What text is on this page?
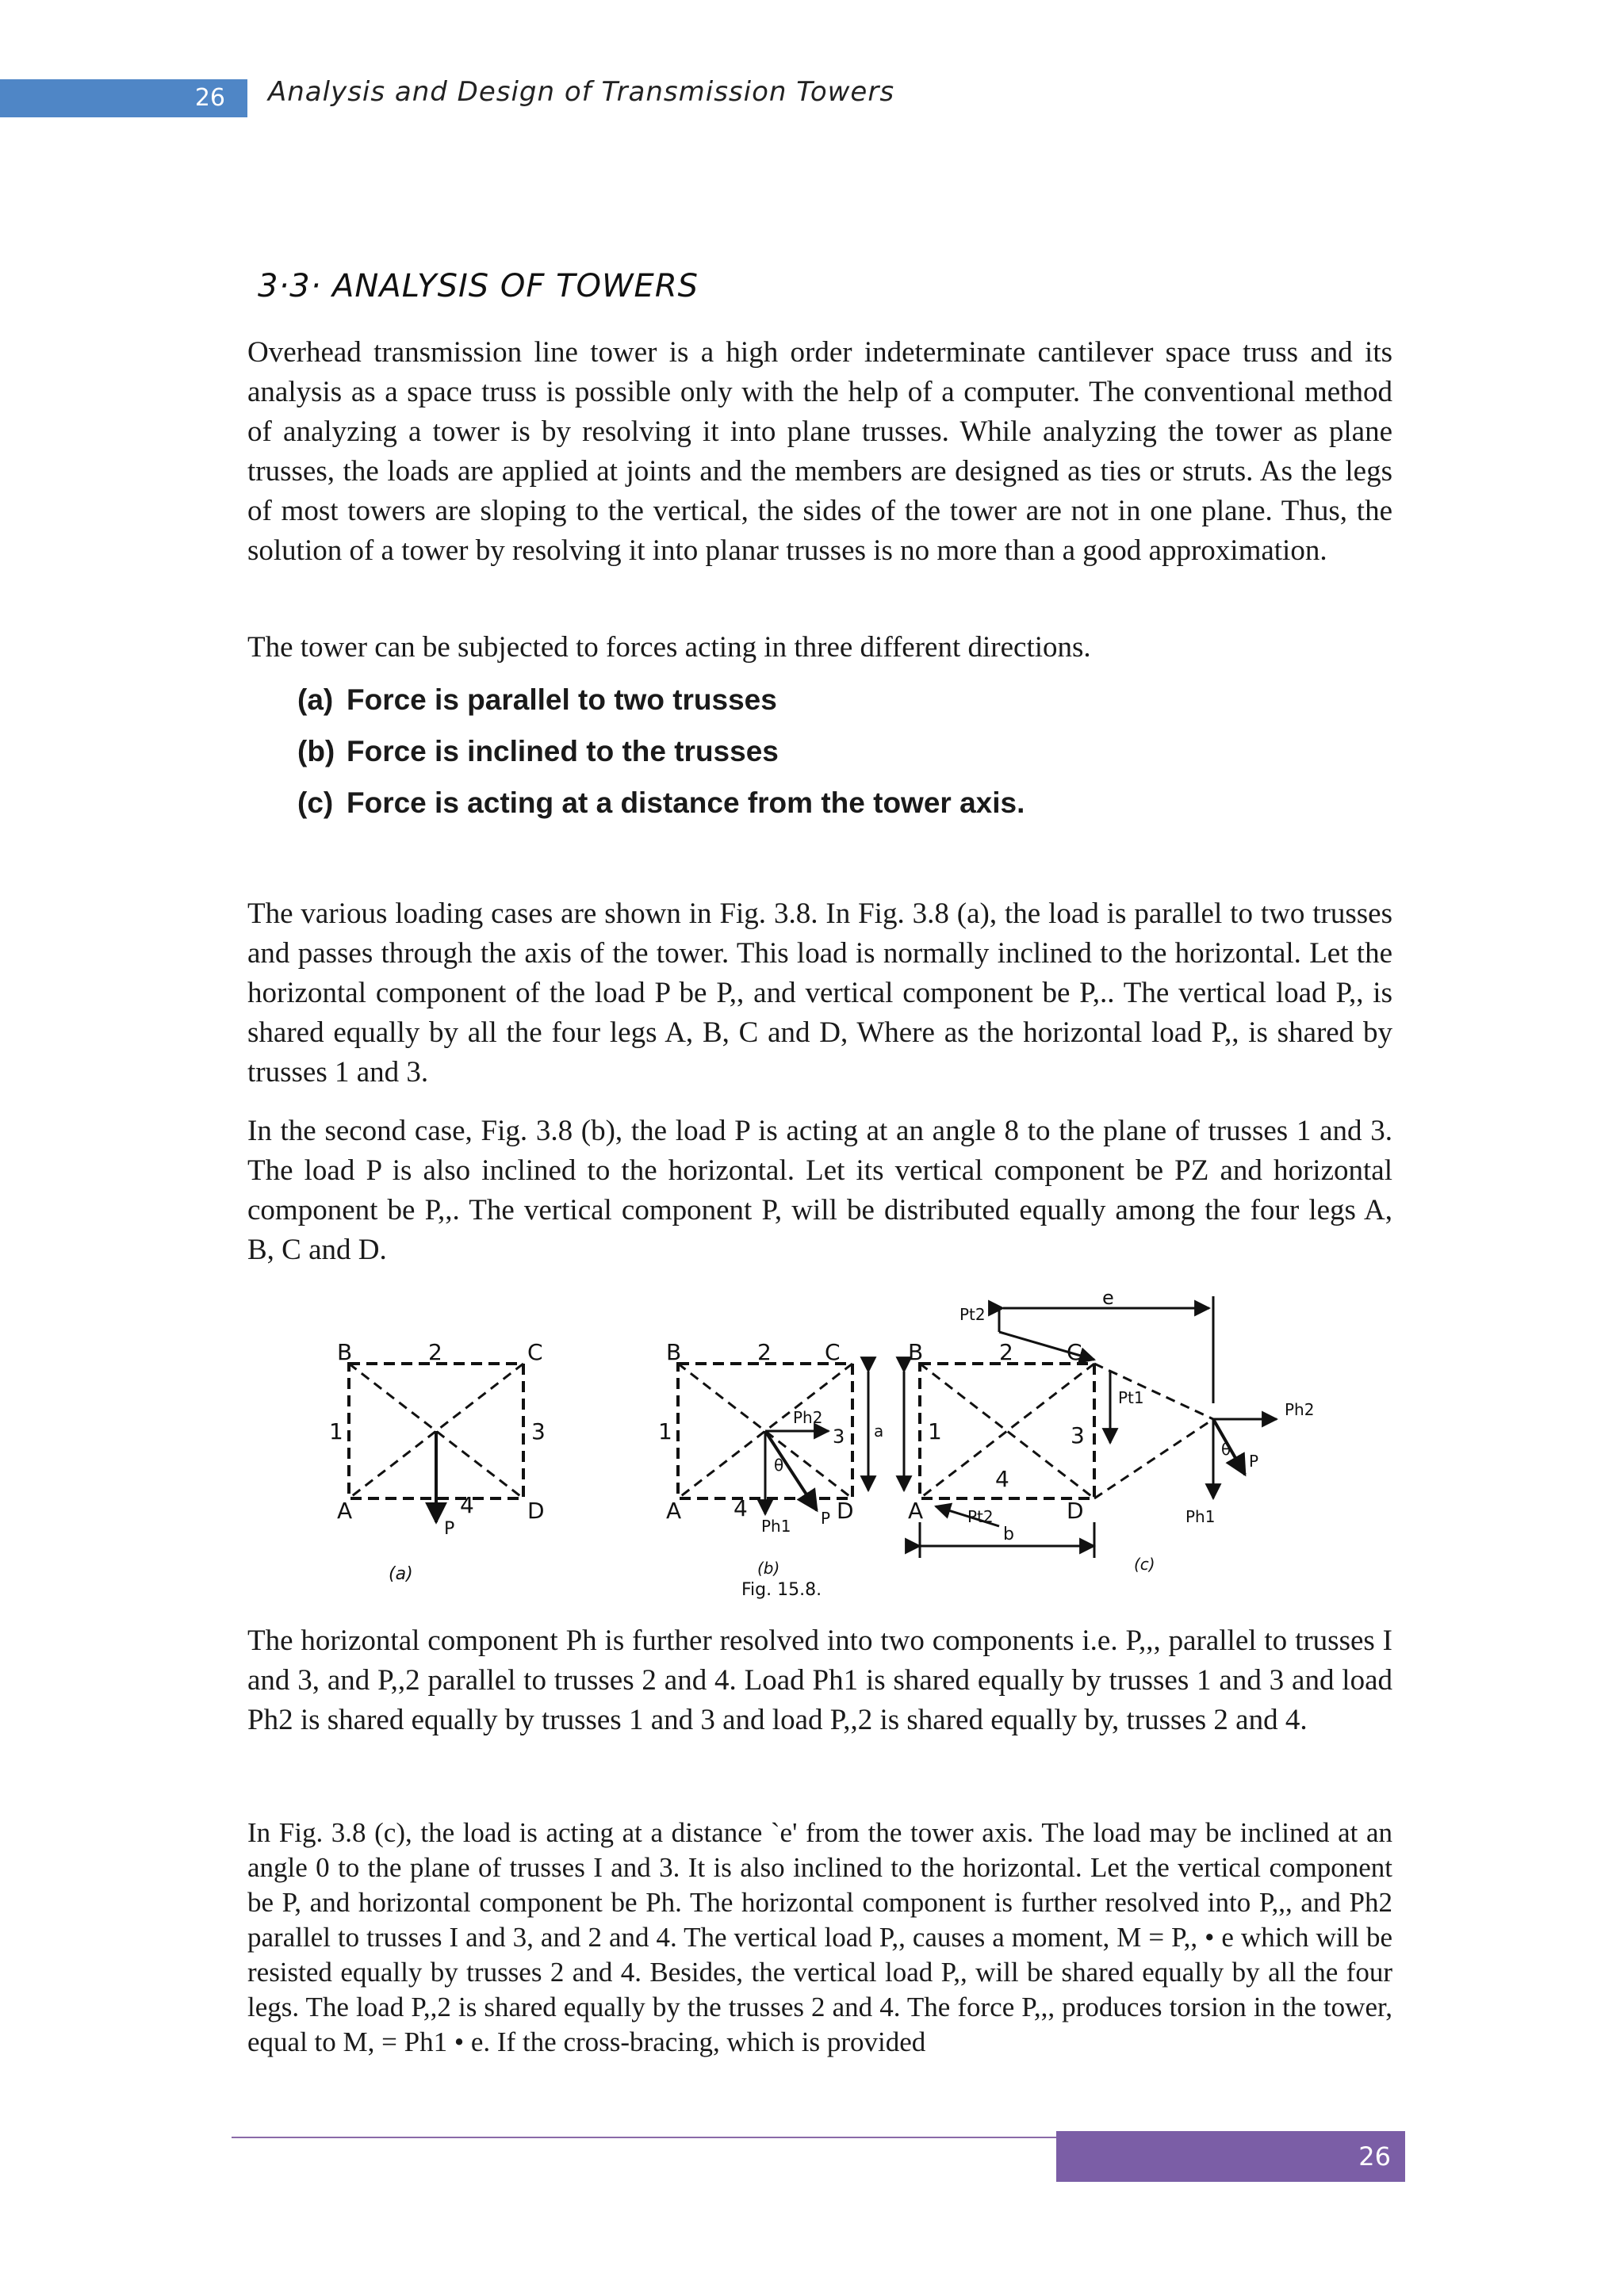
26	Analysis and Design of Transmission Towers
3·3· ANALYSIS OF TOWERS

Overhead transmission line tower is a high order indeterminate cantilever space truss and its analysis as a space truss is possible only with the help of a computer. The conventional method of analyzing a tower is by resolving it into plane trusses. While analyzing the tower as plane trusses, the loads are applied at joints and the members are designed as ties or struts. As the legs of most towers are sloping to the vertical, the sides of the tower are not in one plane. Thus, the solution of a tower by resolving it into planar trusses is no more than a good approximation.

The tower can be subjected to forces acting in three different directions.

(a) Force is parallel to two trusses
(b) Force is inclined to the trusses
(c) Force is acting at a distance from the tower axis.

The various loading cases are shown in Fig. 3.8. In Fig. 3.8 (a), the load is parallel to two trusses and passes through the axis of the tower. This load is normally inclined to the horizontal. Let the horizontal component of the load P be P,, and vertical component be P,.. The vertical load P,, is shared equally by all the four legs A, B, C and D, Where as the horizontal load P,, is shared by trusses 1 and 3.

In the second case, Fig. 3.8 (b), the load P is acting at an angle 8 to the plane of trusses 1 and 3. The load P is also inclined to the horizontal. Let its vertical component be PZ and horizontal component be P,,. The vertical component P, will be distributed equally among the four legs A, B, C and D.

B	2	C
1	3
A	4 D
P
(a)
B	2 C
1	3
Ph2
a
θ
A 4	D
Ph1 P
(b)
Fig. 15.8.
e
Pt2
B	2 C
Pt1
1	3
Ph2
θ
P
4
A	D	Ph1
Pt2
b
(c)

The horizontal component Ph is further resolved into two components i.e. P,,, parallel to trusses I and 3, and P,,2 parallel to trusses 2 and 4. Load Ph1 is shared equally by trusses 1 and 3 and load Ph2 is shared equally by trusses 1 and 3 and load P,,2 is shared equally by, trusses 2 and 4.

In Fig. 3.8 (c), the load is acting at a distance `e' from the tower axis. The load may be inclined at an angle 0 to the plane of trusses I and 3. It is also inclined to the horizontal. Let the vertical component be P, and horizontal component be Ph. The horizontal component is further resolved into P,,, and Ph2 parallel to trusses I and 3, and 2 and 4. The vertical load P,, causes a moment, M = P,, • e which will be resisted equally by trusses 2 and 4. Besides, the vertical load P,, will be shared equally by all the four legs. The load P,,2 is shared equally by the trusses 2 and 4. The force P,,, produces torsion in the tower, equal to M, = Ph1 • e. If the cross-bracing, which is provided

26
